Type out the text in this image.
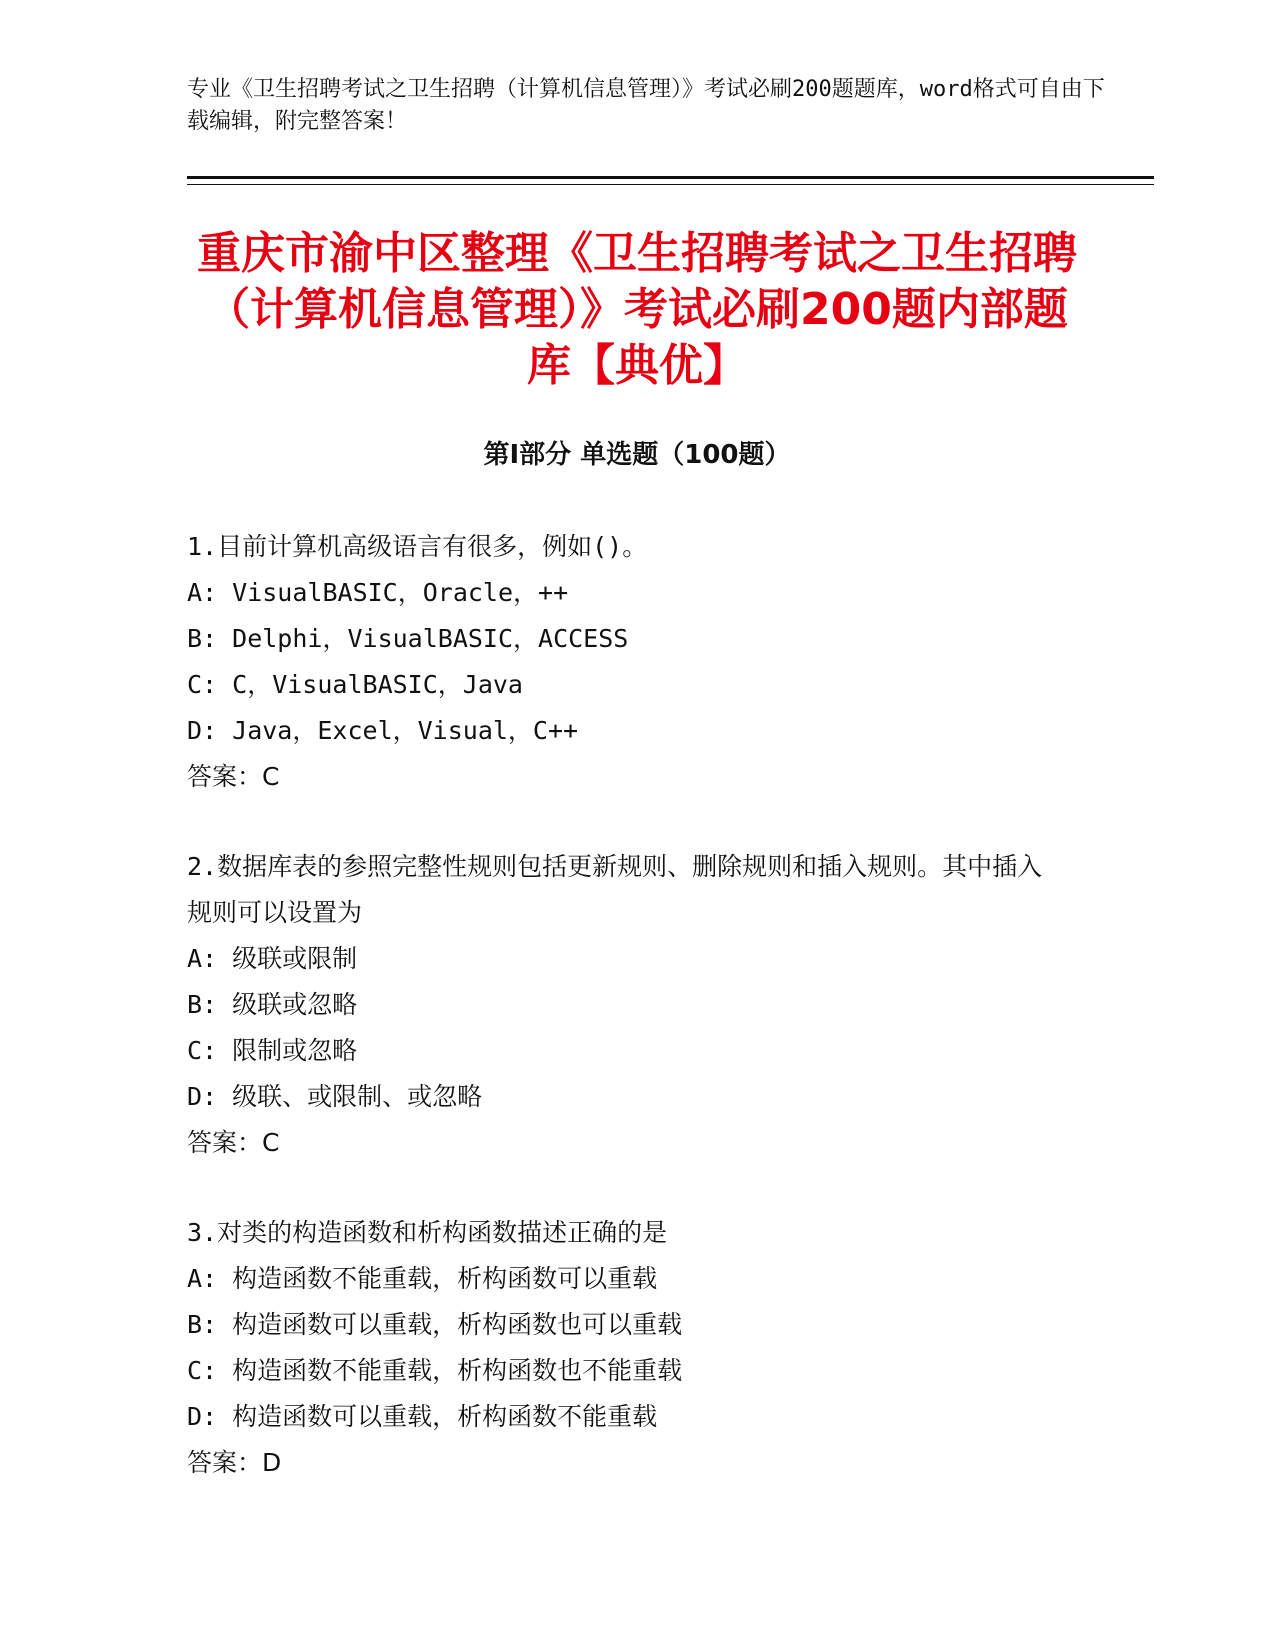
专业《卫生招聘考试之卫生招聘（计算机信息管理）》考试必刷200题题库，word格式可自由下载编辑，附完整答案！
重庆市渝中区整理《卫生招聘考试之卫生招聘（计算机信息管理）》考试必刷200题内部题库【典优】
第Ⅰ部分 单选题（100题）
1.目前计算机高级语言有很多，例如()。
A: VisualBASIC，Oracle，++
B: Delphi，VisualBASIC，ACCESS
C: C，VisualBASIC，Java
D: Java，Excel，Visual，C++
答案：C
2.数据库表的参照完整性规则包括更新规则、删除规则和插入规则。其中插入规则可以设置为
A: 级联或限制
B: 级联或忽略
C: 限制或忽略
D: 级联、或限制、或忽略
答案：C
3.对类的构造函数和析构函数描述正确的是
A: 构造函数不能重载，析构函数可以重载
B: 构造函数可以重载，析构函数也可以重载
C: 构造函数不能重载，析构函数也不能重载
D: 构造函数可以重载，析构函数不能重载
答案：D
